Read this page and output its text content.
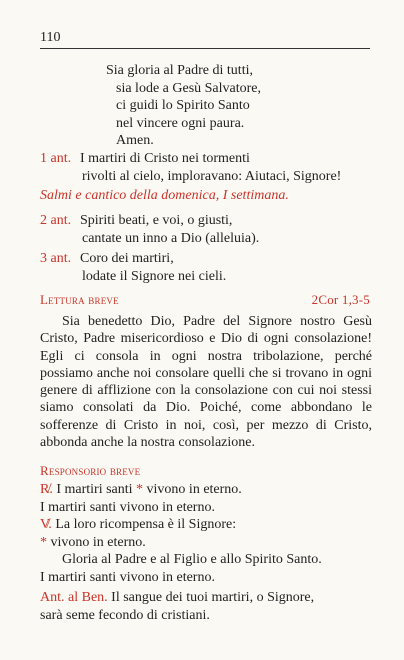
110
Sia gloria al Padre di tutti,
sia lode a Gesù Salvatore,
ci guidi lo Spirito Santo
nel vincere ogni paura.
Amen.
1 ant. I martiri di Cristo nei tormenti
rivolti al cielo, imploravano: Aiutaci, Signore!
Salmi e cantico della domenica, I settimana.
2 ant. Spiriti beati, e voi, o giusti,
cantate un inno a Dio (alleluia).
3 ant. Coro dei martiri,
lodate il Signore nei cieli.
Lettura breve	2Cor 1,3-5
Sia benedetto Dio, Padre del Signore nostro Gesù Cristo, Padre misericordioso e Dio di ogni consolazione! Egli ci consola in ogni nostra tribolazione, perché possiamo anche noi consolare quelli che si trovano in ogni genere di afflizione con la consolazione con cui noi stessi siamo consolati da Dio. Poiché, come abbondano le sofferenze di Cristo in noi, così, per mezzo di Cristo, abbonda anche la nostra consolazione.
Responsorio breve
R̸. I martiri santi * vivono in eterno.
I martiri santi vivono in eterno.
V̸. La loro ricompensa è il Signore:
* vivono in eterno.
Gloria al Padre e al Figlio e allo Spirito Santo.
I martiri santi vivono in eterno.
Ant. al Ben. Il sangue dei tuoi martiri, o Signore,
sarà seme fecondo di cristiani.
